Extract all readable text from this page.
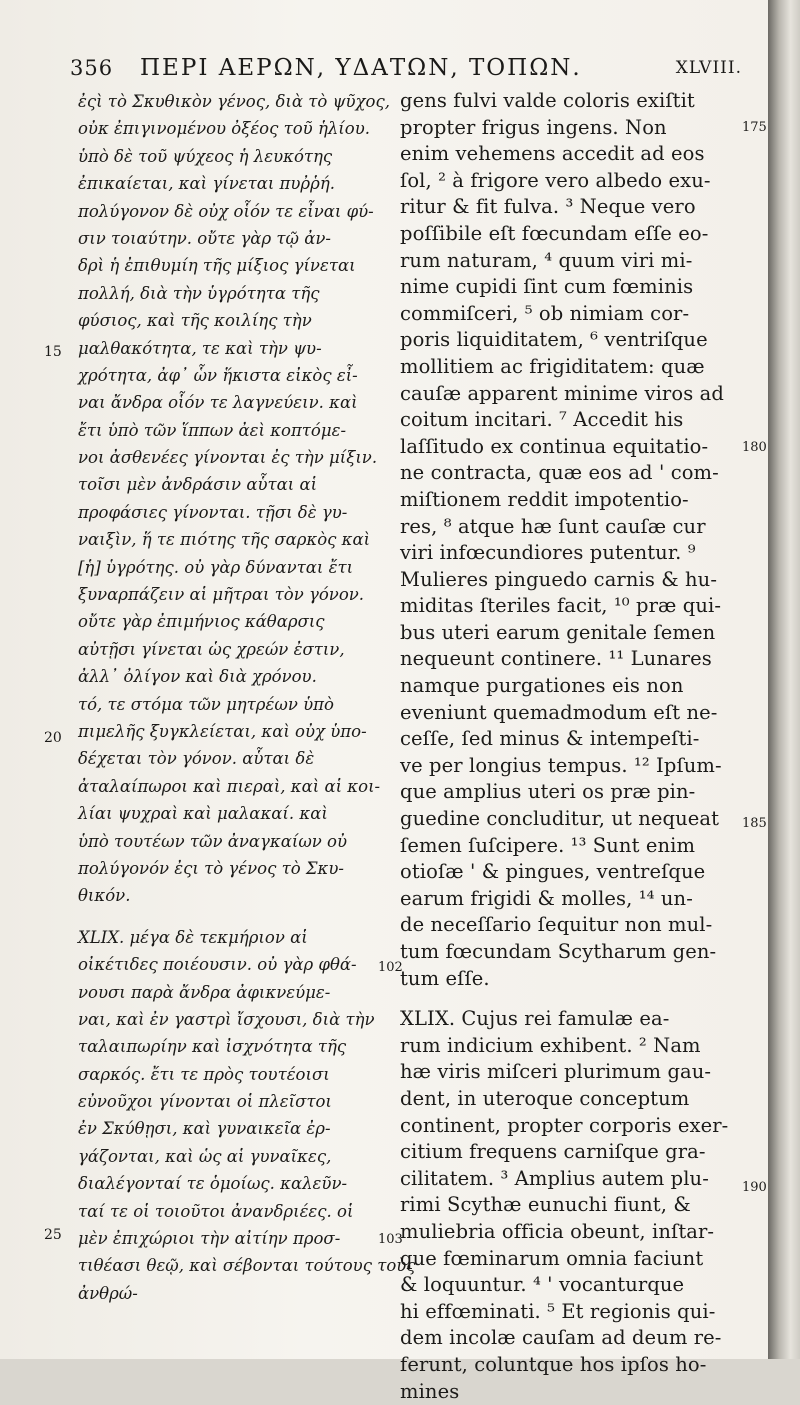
356 ΠΕΡΙ ΑΕΡΩΝ, ΥΔΑΤΩΝ, ΤΟΠΩΝ.	XLVIII.
ἐςὶ τὸ Σκυθικὸν γένος, διὰ τὸ ψῦχος,
οὐκ ἐπιγινομένου ὀξέος τοῦ ἡλίου.
ὑπὸ δὲ τοῦ ψύχεος ἡ λευκότης
ἐπικαίεται, καὶ γίνεται πυῤῥή.
πολύγονον δὲ οὐχ οἷόν τε εἶναι φύ-
σιν τοιαύτην. οὔτε γὰρ τῷ ἀν-
δρὶ ἡ ἐπιθυμίη τῆς μίξιος γίνεται
πολλή, διὰ τὴν ὑγρότητα τῆς
φύσιος, καὶ τῆς κοιλίης τὴν
μαλθακότητα, τε καὶ τὴν ψυ-
χρότητα, ἀφ᾿ ὧν ἥκιστα εἰκὸς εἶ-
ναι ἄνδρα οἷόν τε λαγνεύειν. καὶ
ἔτι ὑπὸ τῶν ἵππων ἀεὶ κοπτόμε-
νοι ἀσθενέες γίνονται ἐς τὴν μίξιν.
τοῖσι μὲν ἀνδράσιν αὗται αἱ
προφάσιες γίνονται. τῇσι δὲ γυ-
ναιξὶν, ἥ τε πιότης τῆς σαρκὸς καὶ
[ἡ] ὑγρότης. οὐ γὰρ δύνανται ἔτι
ξυναρπάζειν αἱ μῆτραι τὸν γόνον.
οὔτε γὰρ ἐπιμήνιος κάθαρσις
αὐτῇσι γίνεται ὡς χρεών ἐστιν,
ἀλλ᾿ ὀλίγον καὶ διὰ χρόνου.
τό, τε στόμα τῶν μητρέων ὑπὸ
πιμελῆς ξυγκλείεται, καὶ οὐχ ὑπο-
δέχεται τὸν γόνον. αὗται δὲ
ἀταλαίπωροι καὶ πιεραὶ, καὶ αἱ κοι-
λίαι ψυχραὶ καὶ μαλακαί. καὶ
ὑπὸ τουτέων τῶν ἀναγκαίων οὐ
πολύγονόν ἐςι τὸ γένος τὸ Σκυ-
θικόν.
XLIX. μέγα δὲ τεκμήριον αἱ
οἰκέτιδες ποιέουσιν. οὐ γὰρ φθά-
νουσι παρὰ ἄνδρα ἀφικνεύμε-
ναι, καὶ ἐν γαστρὶ ἴσχουσι, διὰ τὴν
ταλαιπωρίην καὶ ἰσχνότητα τῆς
σαρκός. ἔτι τε πρὸς τουτέοισι
εὐνοῦχοι γίνονται οἱ πλεῖστοι
ἐν Σκύθῃσι, καὶ γυναικεῖα ἐρ-
γάζονται, καὶ ὡς αἱ γυναῖκες,
διαλέγονταί τε ὁμοίως. καλεῦν-
ταί τε οἱ τοιοῦτοι ἀνανδριέες. οἱ
μὲν ἐπιχώριοι τὴν αἰτίην προσ-
τιθέασι θεῷ, καὶ σέβονται τούτους τοὺς
ἀνθρώ-
gens fulvi valde coloris exiſtit
propter frigus ingens. Non
enim vehemens accedit ad eos
ſol, ² à frigore vero albedo exu-
ritur & fit fulva. ³ Neque vero
poſſibile eſt fœcundam eſſe eo-
rum naturam, ⁴ quum viri mi-
nime cupidi ſint cum fœminis
commiſceri, ⁵ ob nimiam cor-
poris liquiditatem, ⁶ ventriſque
mollitiem ac frigiditatem: quæ
cauſæ apparent minime viros ad
coitum incitari. ⁷ Accedit his
laſſitudo ex continua equitatio-
ne contracta, quæ eos ad ' com-
miſtionem reddit impotentio-
res, ⁸ atque hæ ſunt cauſæ cur
viri infœcundiores putentur. ⁹
Mulieres pinguedo carnis & hu-
miditas ſteriles facit, ¹⁰ præ qui-
bus uteri earum genitale ſemen
nequeunt continere. ¹¹ Lunares
namque purgationes eis non
eveniunt quemadmodum eſt ne-
ceſſe, ſed minus & intempeſti-
ve per longius tempus. ¹² Ipſum-
que amplius uteri os præ pin-
guedine concluditur, ut nequeat
ſemen ſuſcipere. ¹³ Sunt enim
otioſæ ' & pingues, ventreſque
earum frigidi & molles, ¹⁴ un-
de neceſſario ſequitur non mul-
tum fœcundam Scytharum gen-
tum eſſe.
XLIX. Cujus rei famulæ ea-
rum indicium exhibent. ² Nam
hæ viris miſceri plurimum gau-
dent, in uteroque conceptum
continent, propter corporis exer-
citium frequens carniſque gra-
cilitatem. ³ Amplius autem plu-
rimi Scythæ eunuchi fiunt, &
muliebria officia obeunt, inſtar-
que fœminarum omnia faciunt
& loquuntur. ⁴ ' vocanturque
hi effœminati. ⁵ Et regionis qui-
dem incolæ cauſam ad deum re-
ferunt, coluntque hos ipſos ho-
mines
15
20
25
175
180
185
190
102
103
